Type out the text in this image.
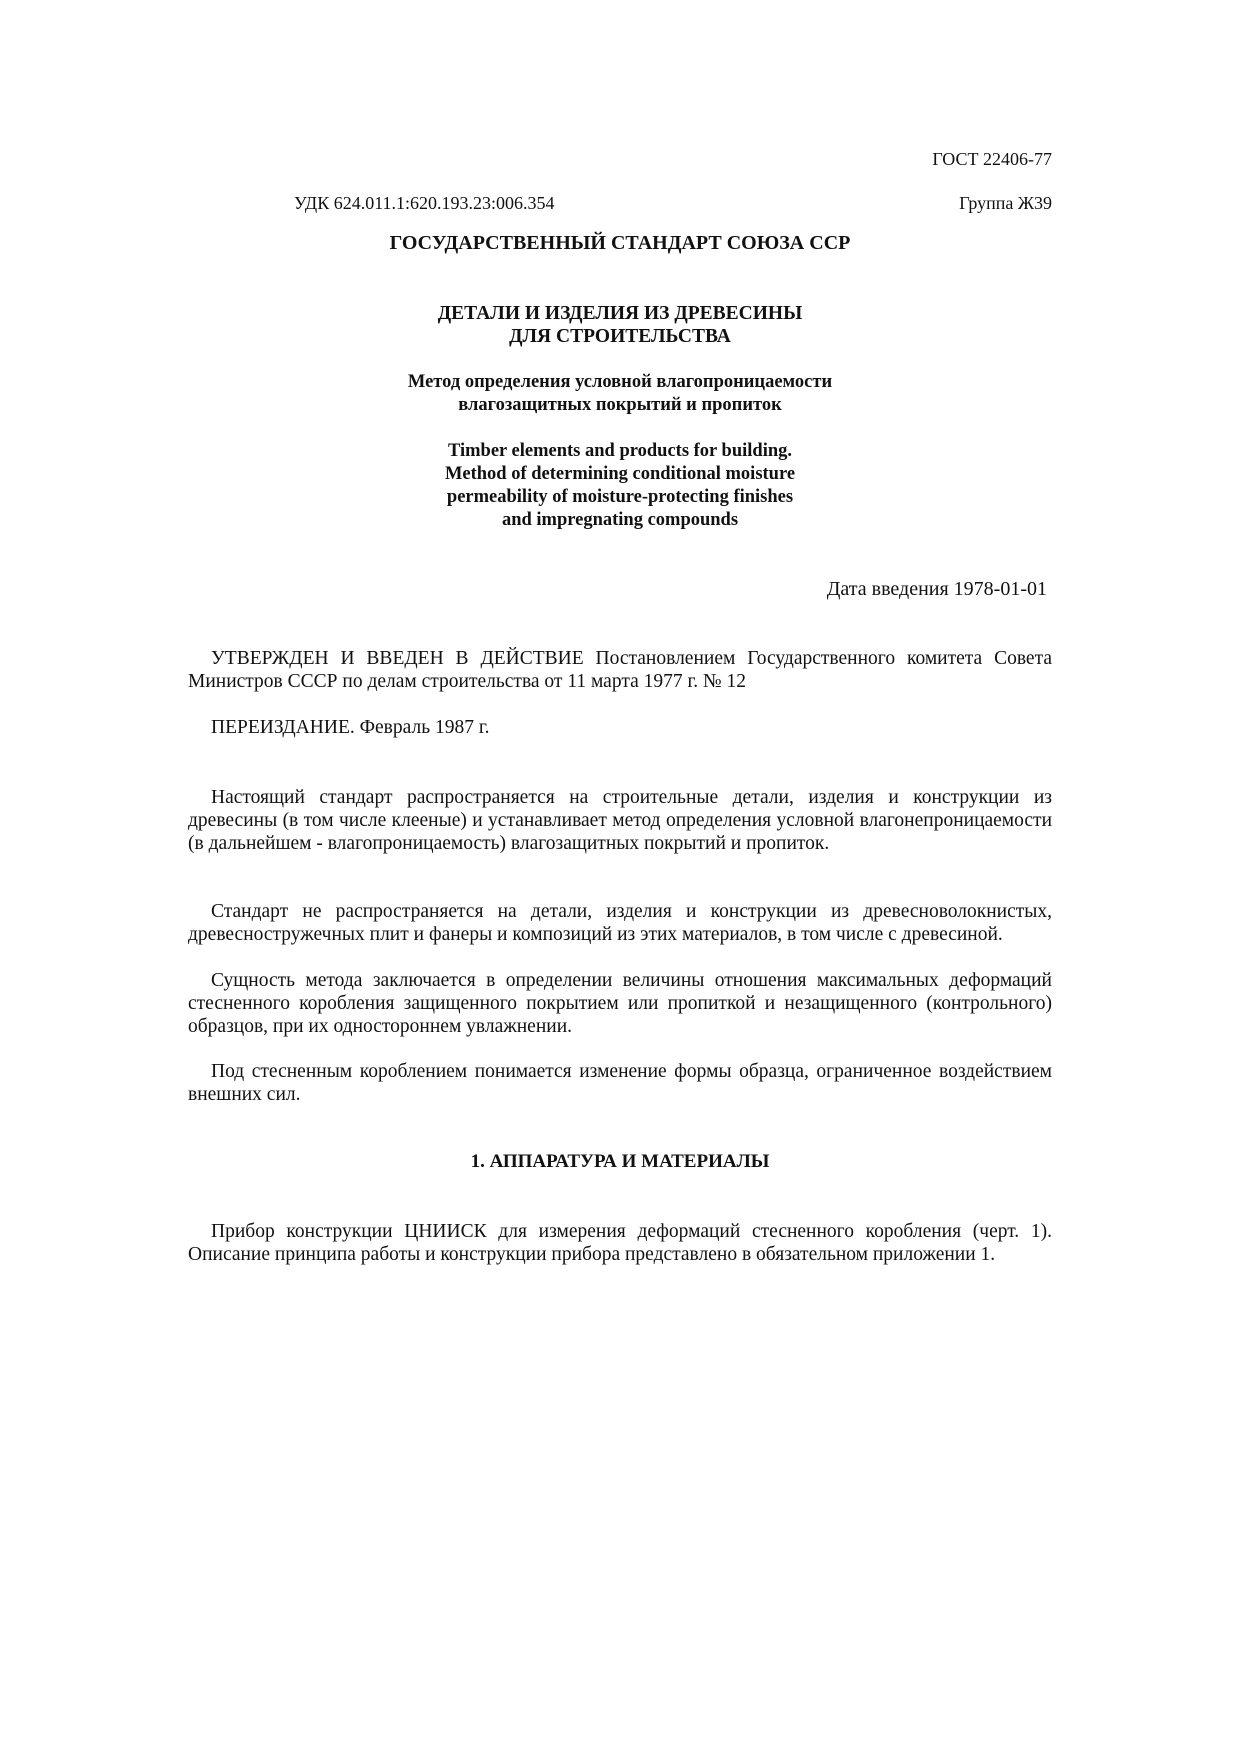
ГОСТ 22406-77
УДК 624.011.1:620.193.23:006.354	Группа Ж39
ГОСУДАРСТВЕННЫЙ СТАНДАРТ СОЮЗА ССР
ДЕТАЛИ И ИЗДЕЛИЯ ИЗ ДРЕВЕСИНЫ
ДЛЯ СТРОИТЕЛЬСТВА
Метод определения условной влагопроницаемости
влагозащитных покрытий и пропиток
Timber elements and products for building.
Method of determining conditional moisture
permeability of moisture-protecting finishes
and impregnating compounds
Дата введения 1978-01-01

УТВЕРЖДЕН И ВВЕДЕН В ДЕЙСТВИЕ Постановлением Государственного комитета Совета Министров СССР по делам строительства от 11 марта 1977 г. № 12

ПЕРЕИЗДАНИЕ. Февраль 1987 г.

Настоящий стандарт распространяется на строительные детали, изделия и конструкции из древесины (в том числе клееные) и устанавливает метод определения условной влагонепроницаемости (в дальнейшем - влагопроницаемость) влагозащитных покрытий и пропиток.

Стандарт не распространяется на детали, изделия и конструкции из древесноволокнистых, древесностружечных плит и фанеры и композиций из этих материалов, в том числе с древесиной.

Сущность метода заключается в определении величины отношения максимальных деформаций стесненного коробления защищенного покрытием или пропиткой и незащищенного (контрольного) образцов, при их одностороннем увлажнении.

Под стесненным короблением понимается изменение формы образца, ограниченное воздействием внешних сил.

1. АППАРАТУРА И МАТЕРИАЛЫ

Прибор конструкции ЦНИИСК для измерения деформаций стесненного коробления (черт. 1). Описание принципа работы и конструкции прибора представлено в обязательном приложении 1.
